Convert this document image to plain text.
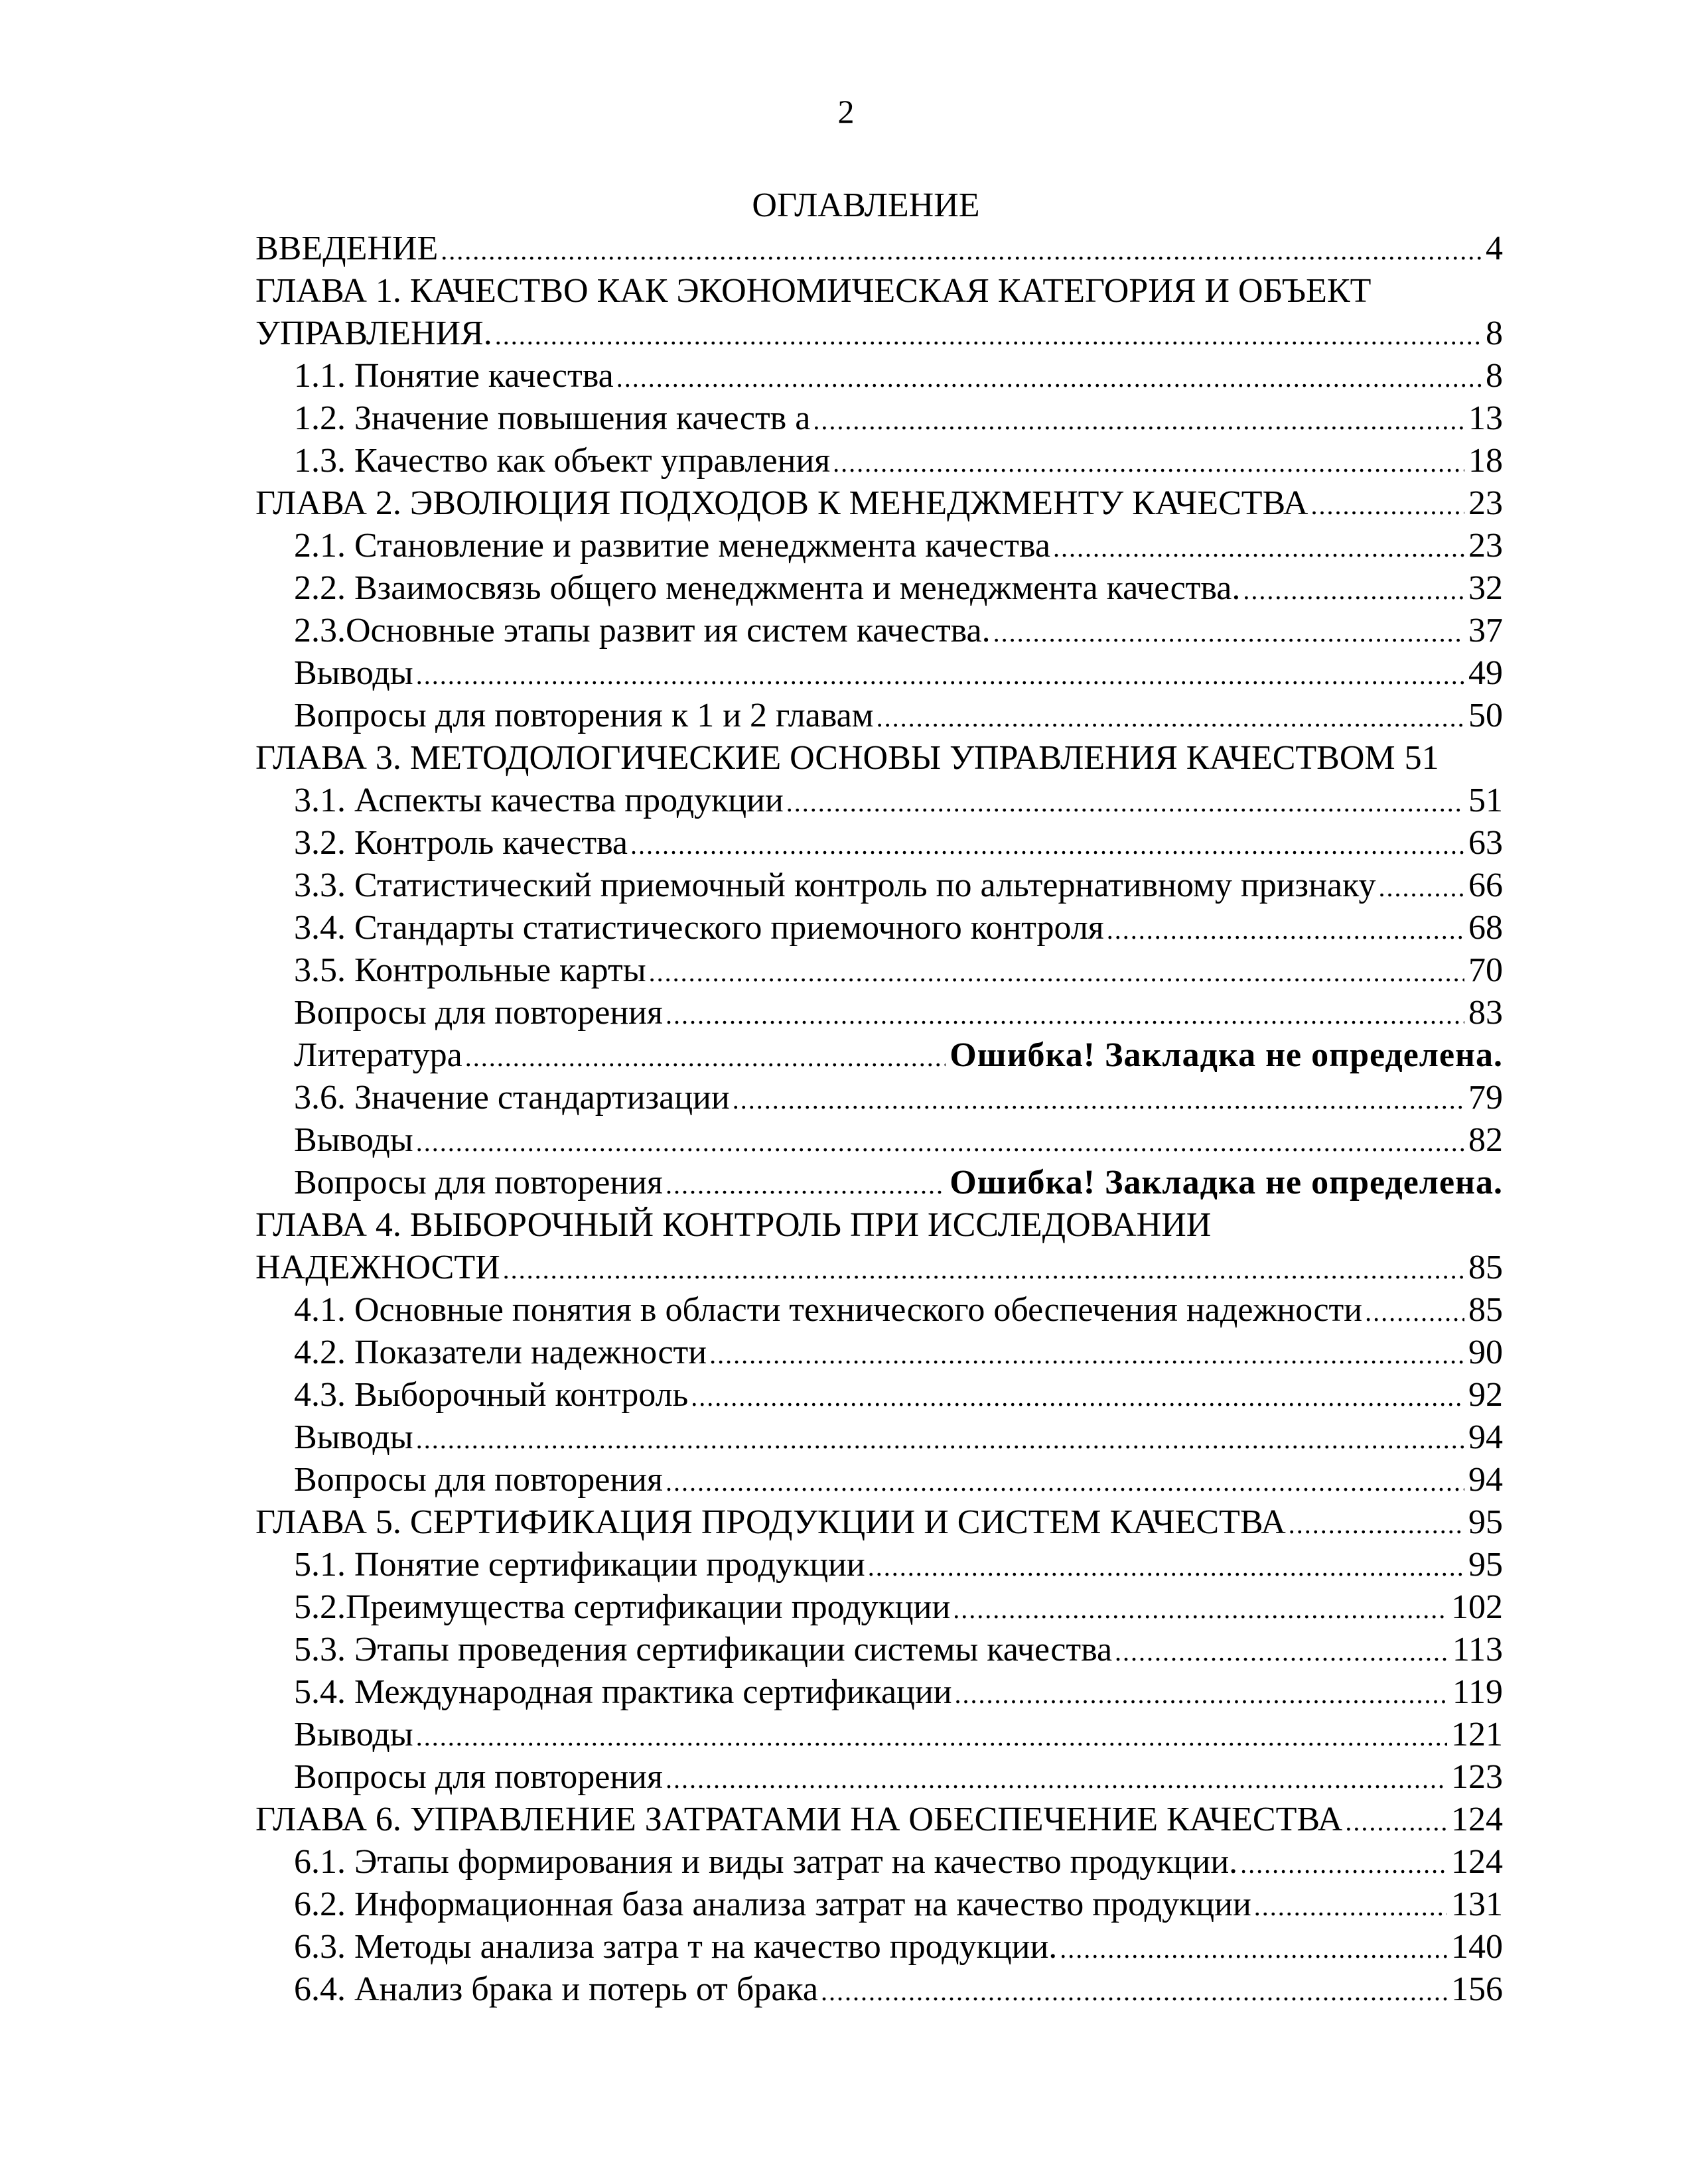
2
ОГЛАВЛЕНИЕ
ВВЕДЕНИЕ .....	4
ГЛАВА 1. КАЧЕСТВО КАК ЭКОНОМИЧЕСКАЯ КАТЕГОРИЯ И ОБЪЕКТ
УПРАВЛЕНИЯ. .....	8
1.1. Понятие качества .....	8
1.2. Значение повышения качеств а .....	13
1.3. Качество как объект управления .....	18
ГЛАВА 2. ЭВОЛЮЦИЯ ПОДХОДОВ К МЕНЕДЖМЕНТУ КАЧЕСТВА .....	23
2.1. Становление и развитие менеджмента качества .....	23
2.2. Взаимосвязь общего менеджмента и менеджмента качества. .....	32
2.3.Основные этапы развит ия систем качества. .....	37
Выводы .....	49
Вопросы для повторения к 1 и 2 главам .....	50
ГЛАВА 3. МЕТОДОЛОГИЧЕСКИЕ ОСНОВЫ УПРАВЛЕНИЯ КАЧЕСТВОМ 51
3.1. Аспекты качества продукции .....	51
3.2. Контроль качества .....	63
3.3. Статистический приемочный контроль по альтернативному признаку .....	66
3.4. Стандарты статистического приемочного контроля .....	68
3.5. Контрольные карты .....	70
Вопросы для повторения .....	83
Литература .....	Ошибка! Закладка не определена.
3.6. Значение стандартизации .....	79
Выводы .....	82
Вопросы для повторения .....	Ошибка! Закладка не определена.
ГЛАВА 4. ВЫБОРОЧНЫЙ КОНТРОЛЬ ПРИ ИССЛЕДОВАНИИ
НАДЕЖНОСТИ .....	85
4.1. Основные понятия в области технического обеспечения надежности .....	85
4.2. Показатели надежности .....	90
4.3. Выборочный контроль .....	92
Выводы .....	94
Вопросы для повторения .....	94
ГЛАВА 5. СЕРТИФИКАЦИЯ ПРОДУКЦИИ И СИСТЕМ КАЧЕСТВА .....	95
5.1. Понятие сертификации продукции .....	95
5.2.Преимущества сертификации продукции .....	102
5.3. Этапы проведения сертификации системы качества .....	113
5.4. Международная практика сертификации .....	119
Выводы .....	121
Вопросы для повторения .....	123
ГЛАВА 6. УПРАВЛЕНИЕ ЗАТРАТАМИ НА ОБЕСПЕЧЕНИЕ КАЧЕСТВА .....	124
6.1. Этапы формирования и виды затрат на качество продукции. .....	124
6.2. Информационная база анализа затрат на качество продукции .....	131
6.3. Методы анализа затра т на качество продукции. .....	140
6.4. Анализ брака и потерь от брака .....	156
